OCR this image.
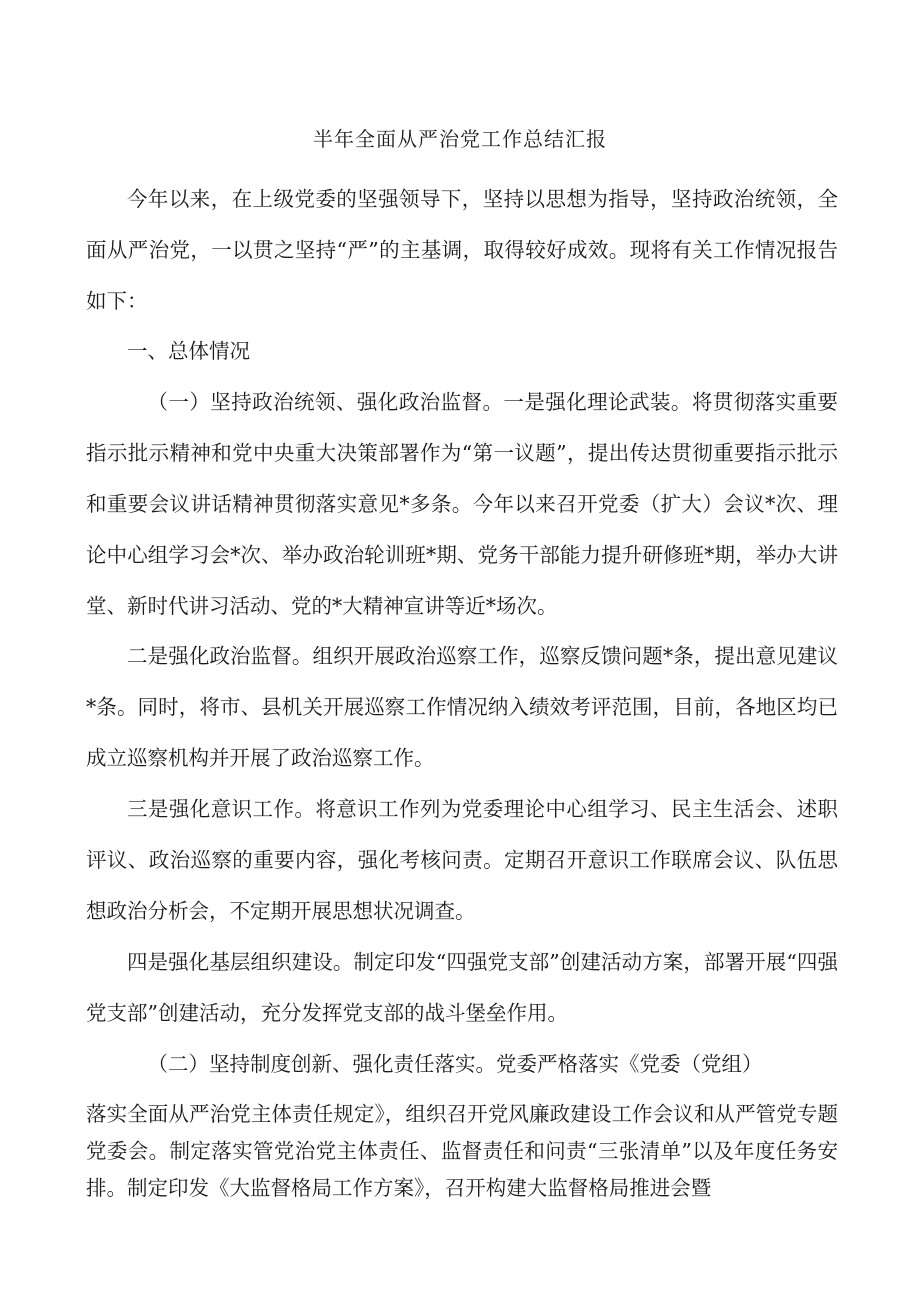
半年全面从严治党工作总结汇报
今年以来，在上级党委的坚强领导下，坚持以思想为指导，坚持政治统领，全面从严治党，一以贯之坚持“严”的主基调，取得较好成效。现将有关工作情况报告如下：
一、总体情况
（一）坚持政治统领、强化政治监督。一是强化理论武装。将贯彻落实重要指示批示精神和党中央重大决策部署作为“第一议题”，提出传达贯彻重要指示批示和重要会议讲话精神贯彻落实意见*多条。今年以来召开党委（扩大）会议*次、理论中心组学习会*次、举办政治轮训班*期、党务干部能力提升研修班*期，举办大讲堂、新时代讲习活动、党的*大精神宣讲等近*场次。
二是强化政治监督。组织开展政治巡察工作，巡察反馈问题*条，提出意见建议*条。同时，将市、县机关开展巡察工作情况纳入绩效考评范围，目前，各地区均已成立巡察机构并开展了政治巡察工作。
三是强化意识工作。将意识工作列为党委理论中心组学习、民主生活会、述职评议、政治巡察的重要内容，强化考核问责。定期召开意识工作联席会议、队伍思想政治分析会，不定期开展思想状况调查。
四是强化基层组织建设。制定印发“四强党支部”创建活动方案，部署开展“四强党支部”创建活动，充分发挥党支部的战斗堡垒作用。
（二）坚持制度创新、强化责任落实。党委严格落实《党委（党组）
落实全面从严治党主体责任规定》，组织召开党风廉政建设工作会议和从严管党专题党委会。制定落实管党治党主体责任、监督责任和问责“三张清单”以及年度任务安排。制定印发《大监督格局工作方案》，召开构建大监督格局推进会暨
